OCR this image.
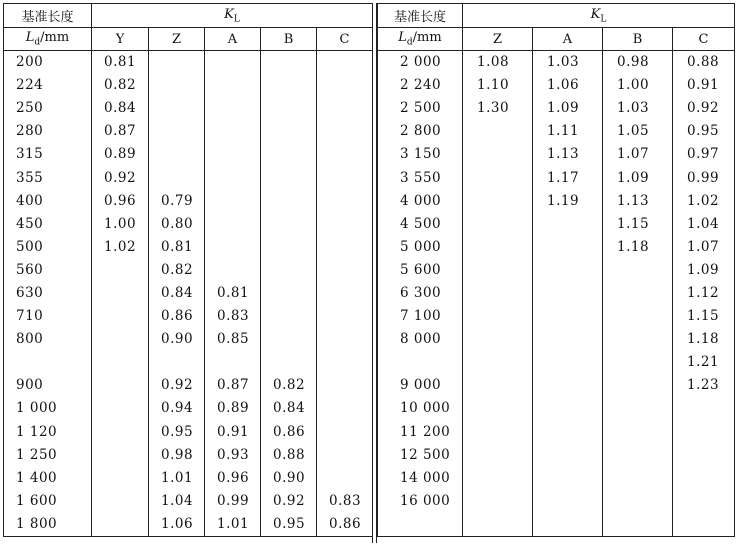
基准长度	$K_L$
$L_d/mm$	Y	Z	A	B	C
200	0.81				
224	0.82				
250	0.84				
280	0.87				
315	0.89				
355	0.92				
400	0.96	0.79			
450	1.00	0.80			
500	1.02	0.81			
560		0.82			
630		0.84	0.81		
710		0.86	0.83		
800		0.90	0.85		

900		0.92	0.87	0.82	
1 000		0.94	0.89	0.84	
1 120		0.95	0.91	0.86	
1 250		0.98	0.93	0.88	
1 400		1.01	0.96	0.90	
1 600		1.04	0.99	0.92	0.83
1 800		1.06	1.01	0.95	0.86
基准长度	$K_L$
$L_d/mm$	Z	A	B	C
2 000	1.08	1.03	0.98	0.88
2 240	1.10	1.06	1.00	0.91
2 500	1.30	1.09	1.03	0.92
2 800		1.11	1.05	0.95
3 150		1.13	1.07	0.97
3 550		1.17	1.09	0.99
4 000		1.19	1.13	1.02
4 500			1.15	1.04
5 000			1.18	1.07
5 600				1.09
6 300				1.12
7 100				1.15
8 000				1.18
				1.21
9 000				1.23
10 000				
11 200				
12 500				
14 000				
16 000				
